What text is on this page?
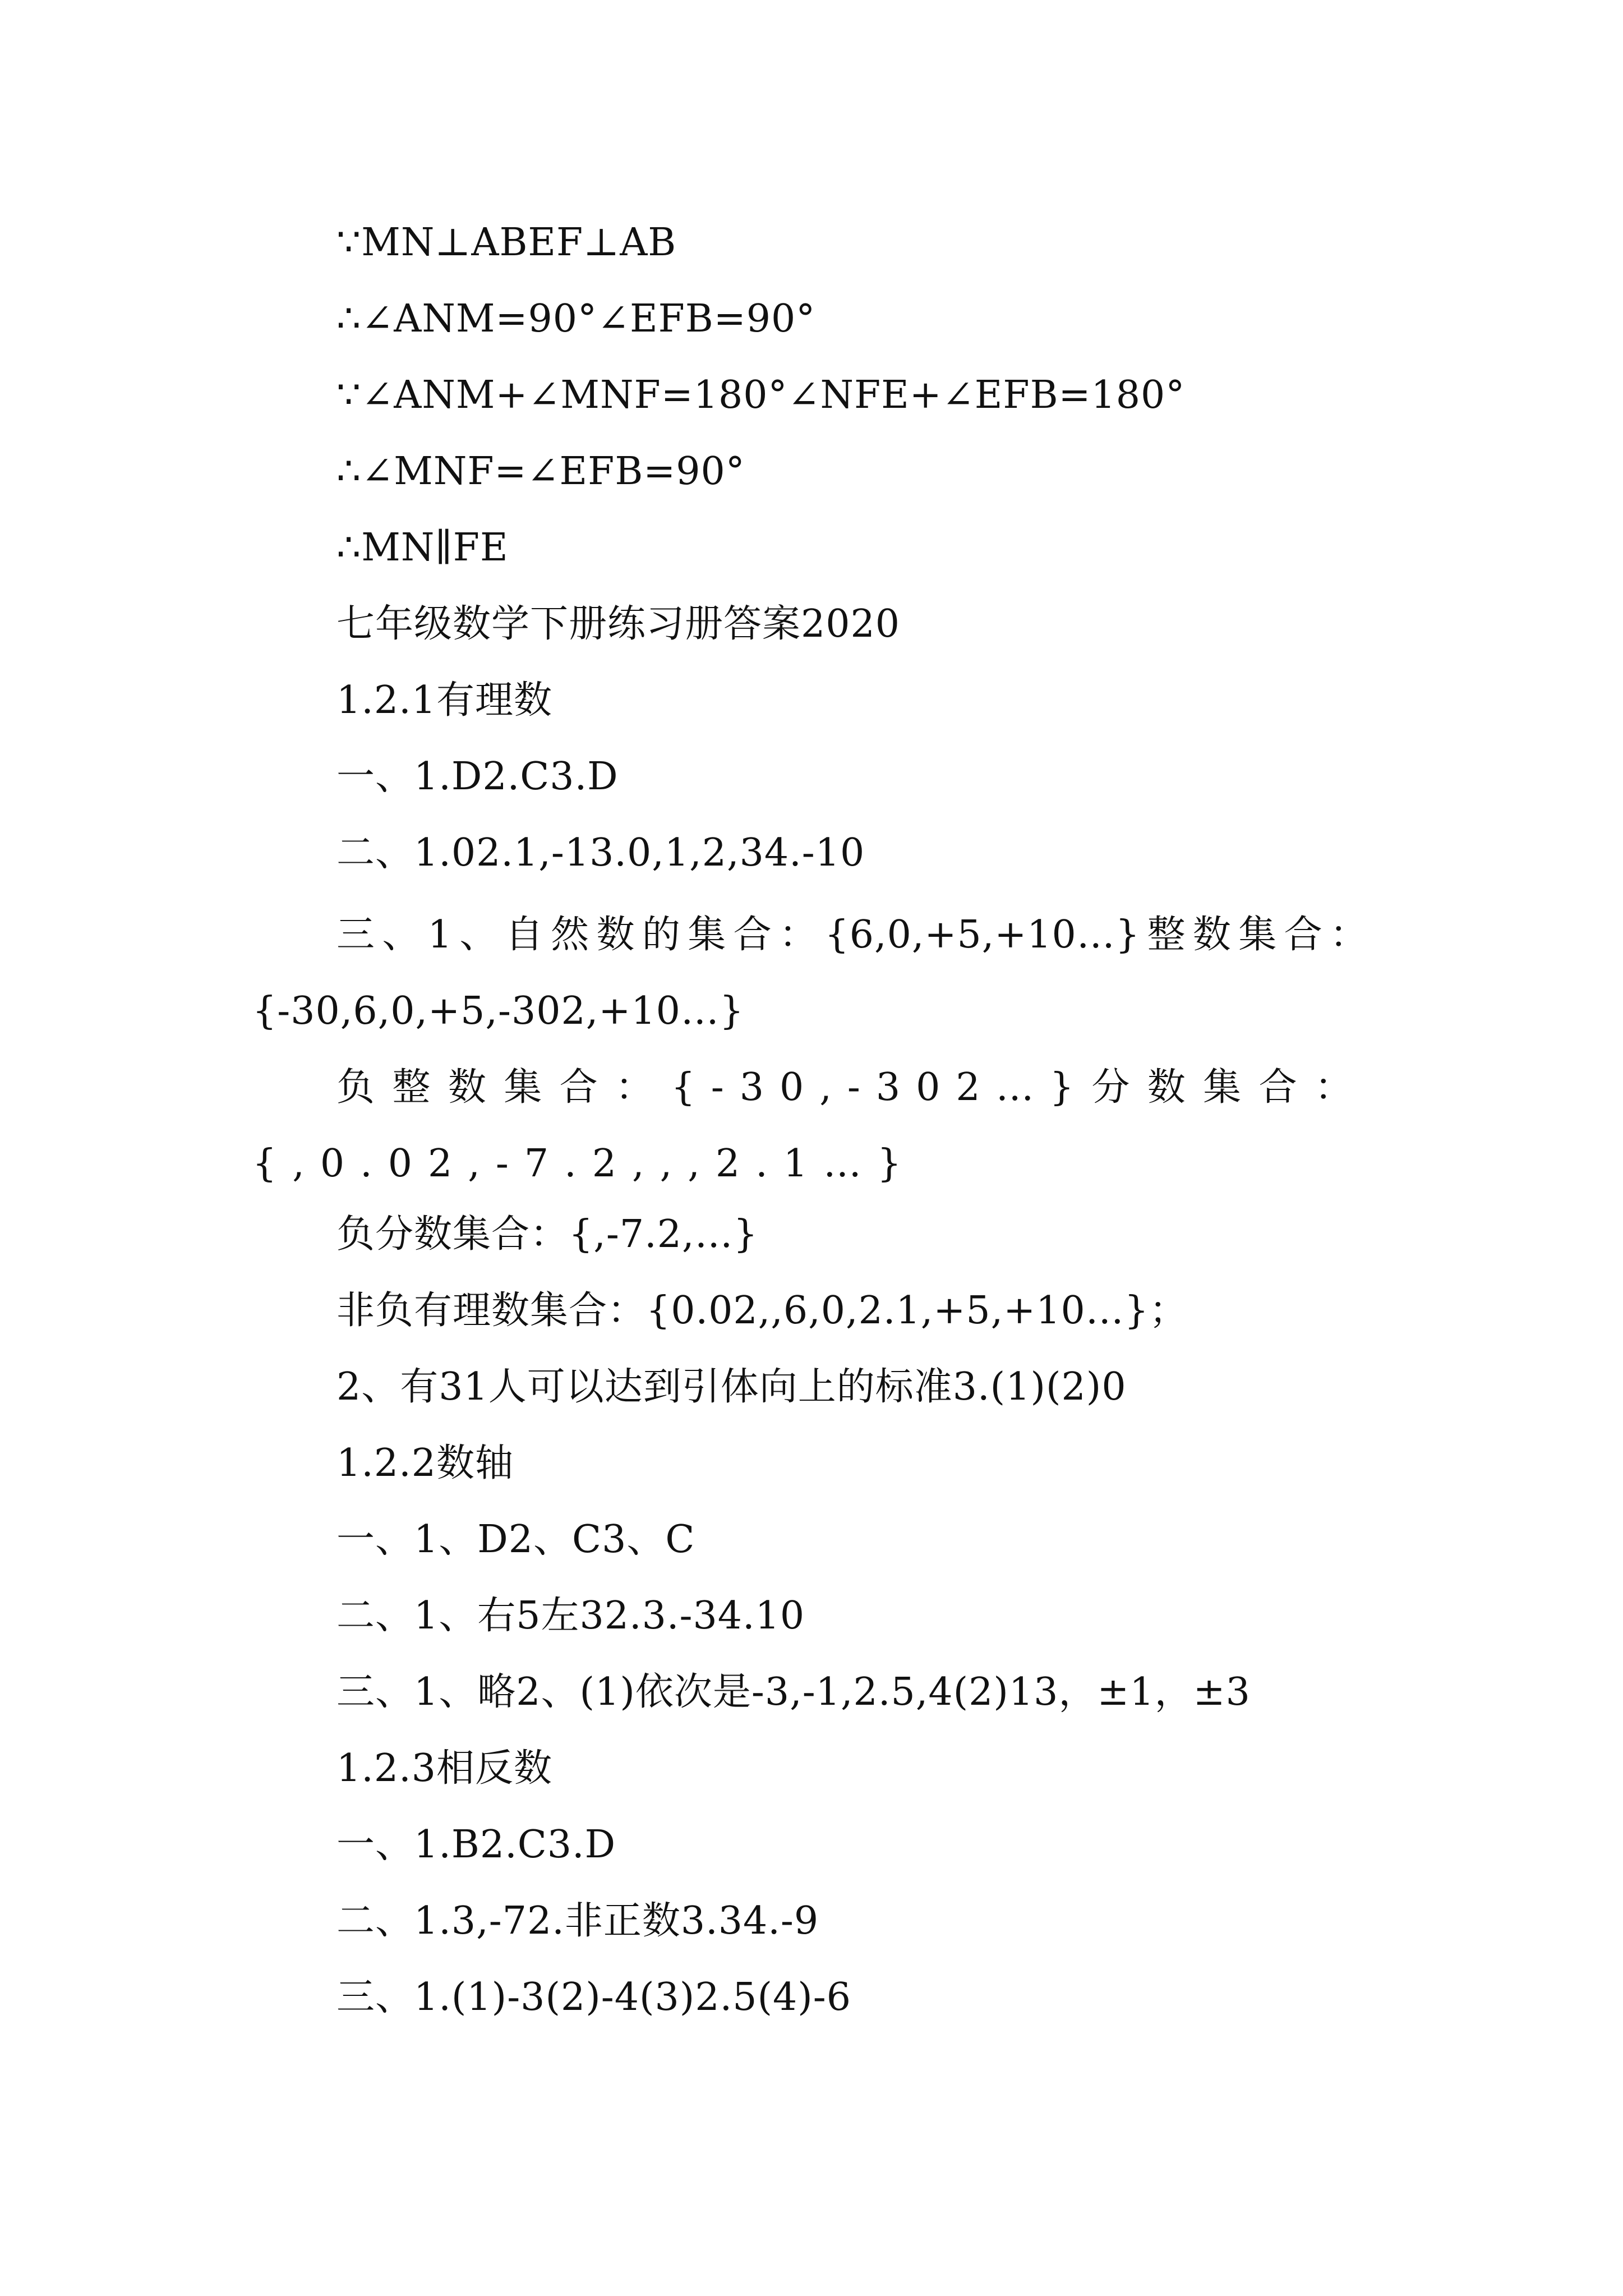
∵MN⊥ABEF⊥AB
∴∠ANM=90°∠EFB=90°
∵∠ANM+∠MNF=180°∠NFE+∠EFB=180°
∴∠MNF=∠EFB=90°
∴MN∥FE
七年级数学下册练习册答案2020
1.2.1有理数
一、1.D2.C3.D
二、1.02.1,-13.0,1,2,34.-10
三、1、自然数的集合：{6,0,+5,+10…}整数集合：{-30,6,0,+5,-302,+10…}
负整数集合：{-30,-302…}分数集合：{,0.02,-7.2,,,2.1…}
负分数集合：{,-7.2,…}
非负有理数集合：{0.02,,6,0,2.1,+5,+10…}；
2、有31人可以达到引体向上的标准3.(1)(2)0
1.2.2数轴
一、1、D2、C3、C
二、1、右5左32.3.-34.10
三、1、略2、(1)依次是-3,-1,2.5,4(2)13，±1，±3
1.2.3相反数
一、1.B2.C3.D
二、1.3,-72.非正数3.34.-9
三、1.(1)-3(2)-4(3)2.5(4)-6
